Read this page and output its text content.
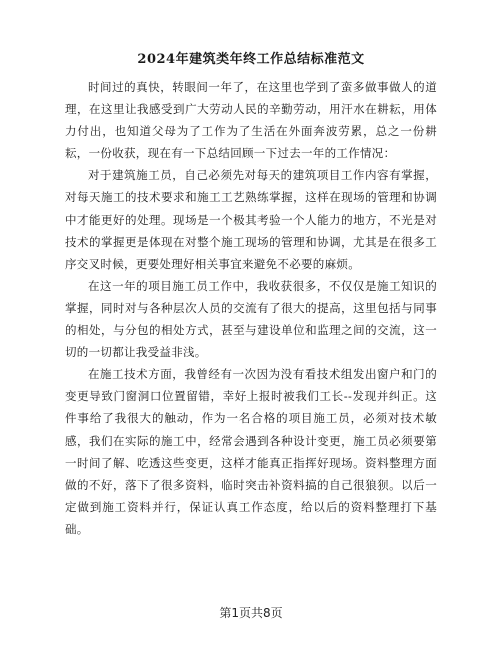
2024年建筑类年终工作总结标准范文

时间过的真快，转眼间一年了，在这里也学到了蛮多做事做人的道理，在这里让我感受到广大劳动人民的辛勤劳动，用汗水在耕耘，用体力付出，也知道父母为了工作为了生活在外面奔波劳累，总之一份耕耘，一份收获，现在有一下总结回顾一下过去一年的工作情况：

对于建筑施工员，自己必须先对每天的建筑项目工作内容有掌握，对每天施工的技术要求和施工工艺熟练掌握，这样在现场的管理和协调中才能更好的处理。现场是一个极其考验一个人能力的地方，不光是对技术的掌握更是体现在对整个施工现场的管理和协调，尤其是在很多工序交叉时候，更要处理好相关事宜来避免不必要的麻烦。

在这一年的项目施工员工作中，我收获很多，不仅仅是施工知识的掌握，同时对与各种层次人员的交流有了很大的提高，这里包括与同事的相处，与分包的相处方式，甚至与建设单位和监理之间的交流，这一切的一切都让我受益非浅。

在施工技术方面，我曾经有一次因为没有看技术组发出窗户和门的变更导致门窗洞口位置留错，幸好上报时被我们工长--发现并纠正。这件事给了我很大的触动，作为一名合格的项目施工员，必须对技术敏感，我们在实际的施工中，经常会遇到各种设计变更，施工员必须要第一时间了解、吃透这些变更，这样才能真正指挥好现场。资料整理方面做的不好，落下了很多资料，临时突击补资料搞的自己很狼狈。以后一定做到施工资料并行，保证认真工作态度，给以后的资料整理打下基础。

第1页共8页
